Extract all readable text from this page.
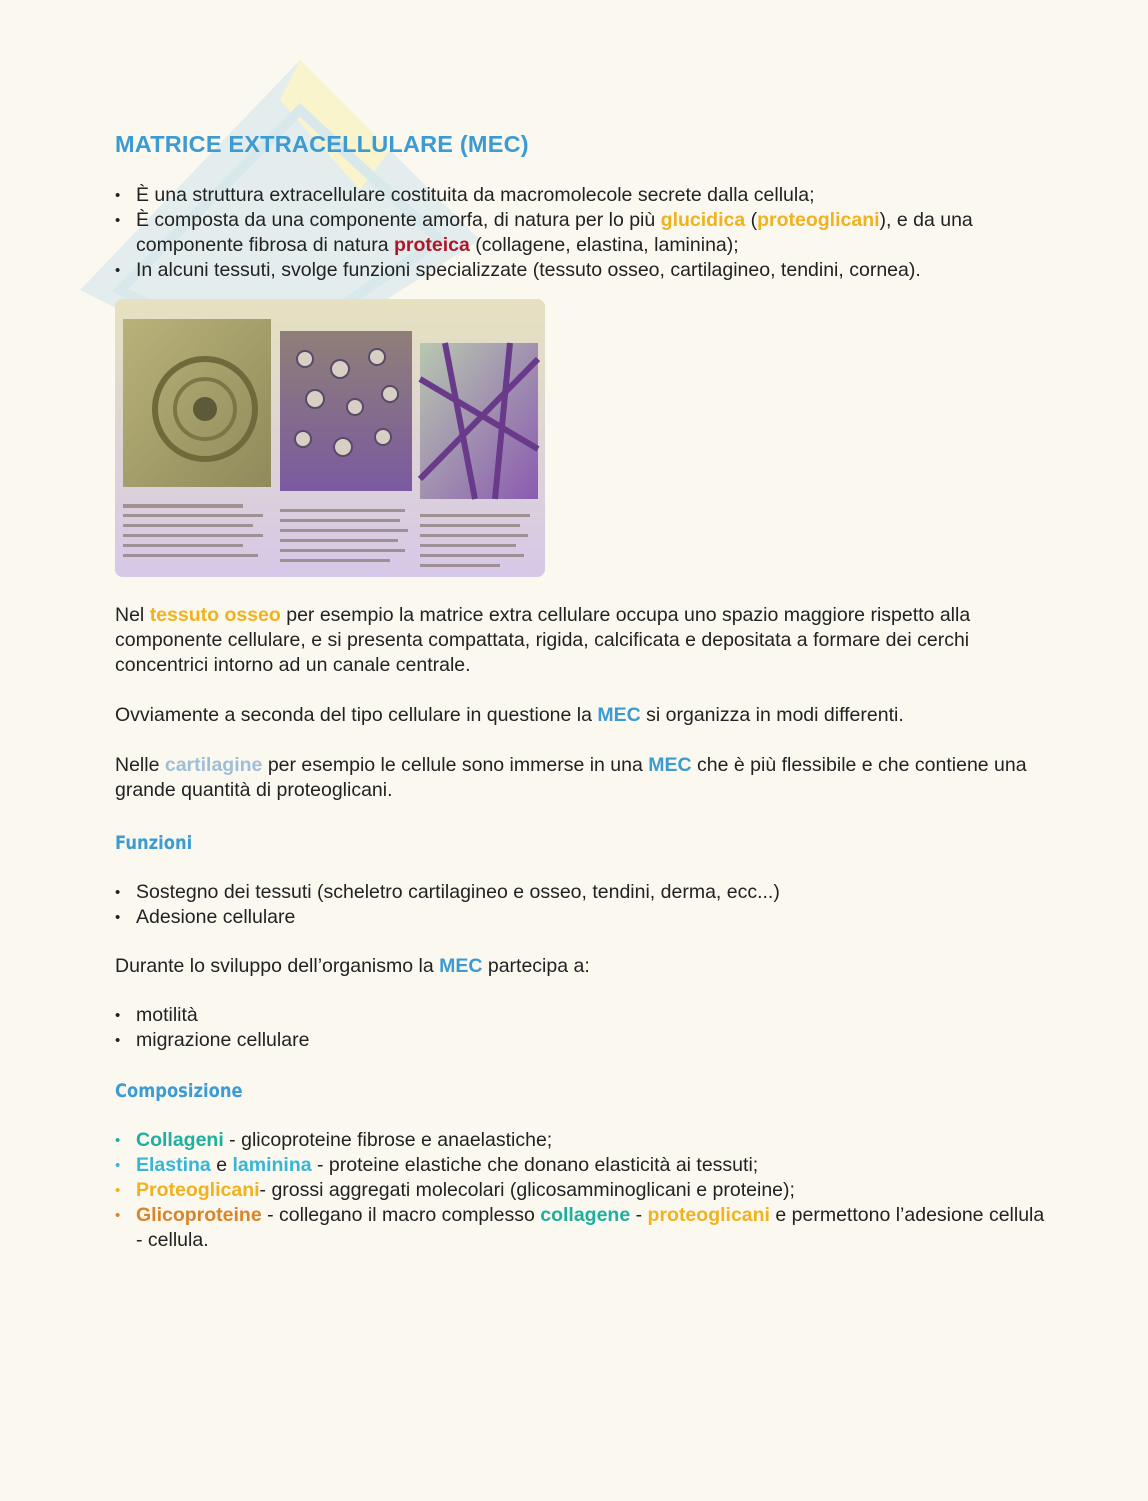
MATRICE EXTRACELLULARE (MEC)
• È una struttura extracellulare costituita da macromolecole secrete dalla cellula;
• È composta da una componente amorfa, di natura per lo più glucidica (proteoglicani), e da una componente fibrosa di natura proteica (collagene, elastina, laminina);
• In alcuni tessuti, svolge funzioni specializzate (tessuto osseo, cartilagineo, tendini, cornea).

Nel tessuto osseo per esempio la matrice extra cellulare occupa uno spazio maggiore rispetto alla componente cellulare, e si presenta compattata, rigida, calcificata e depositata a formare dei cerchi concentrici intorno ad un canale centrale.

Ovviamente a seconda del tipo cellulare in questione la MEC si organizza in modi differenti.

Nelle cartilagine per esempio le cellule sono immerse in una MEC che è più flessibile e che contiene una grande quantità di proteoglicani.

Funzioni
• Sostegno dei tessuti (scheletro cartilagineo e osseo, tendini, derma, ecc...)
• Adesione cellulare

Durante lo sviluppo dell’organismo la MEC partecipa a:

• motilità
• migrazione cellulare
Composizione
• Collageni - glicoproteine fibrose e anaelastiche;
• Elastina e laminina - proteine elastiche che donano elasticità ai tessuti;
• Proteoglicani- grossi aggregati molecolari (glicosamminoglicani e proteine);
• Glicoproteine - collegano il macro complesso collagene - proteoglicani e permettono l’adesione cellula - cellula.
